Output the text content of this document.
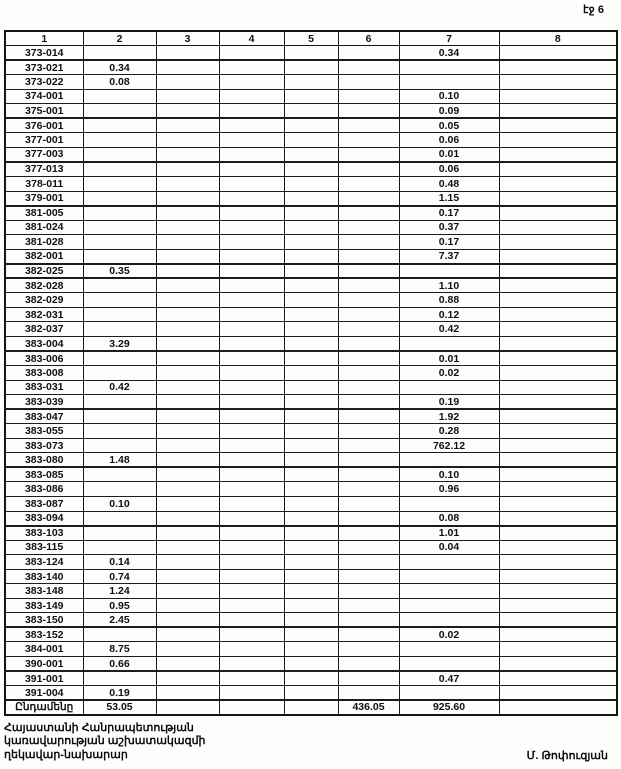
էջ 6
1	2	3	4	5	6	7	8
373-014						0.34	
373-021	0.34						
373-022	0.08						
374-001						0.10	
375-001						0.09	
376-001						0.05	
377-001						0.06	
377-003						0.01	
377-013						0.06	
378-011						0.48	
379-001						1.15	
381-005						0.17	
381-024						0.37	
381-028						0.17	
382-001						7.37	
382-025	0.35						
382-028						1.10	
382-029						0.88	
382-031						0.12	
382-037						0.42	
383-004	3.29						
383-006						0.01	
383-008						0.02	
383-031	0.42						
383-039						0.19	
383-047						1.92	
383-055						0.28	
383-073						762.12	
383-080	1.48						
383-085						0.10	
383-086						0.96	
383-087	0.10						
383-094						0.08	
383-103						1.01	
383-115						0.04	
383-124	0.14						
383-140	0.74						
383-148	1.24						
383-149	0.95						
383-150	2.45						
383-152						0.02	
384-001	8.75						
390-001	0.66						
391-001						0.47	
391-004	0.19						
Ընդամենը	53.05				436.05	925.60	
Հայաստանի Հանրապետության
կառավարության աշխատակազմի
ղեկավար-նախարար	Մ. Թոփուզյան
